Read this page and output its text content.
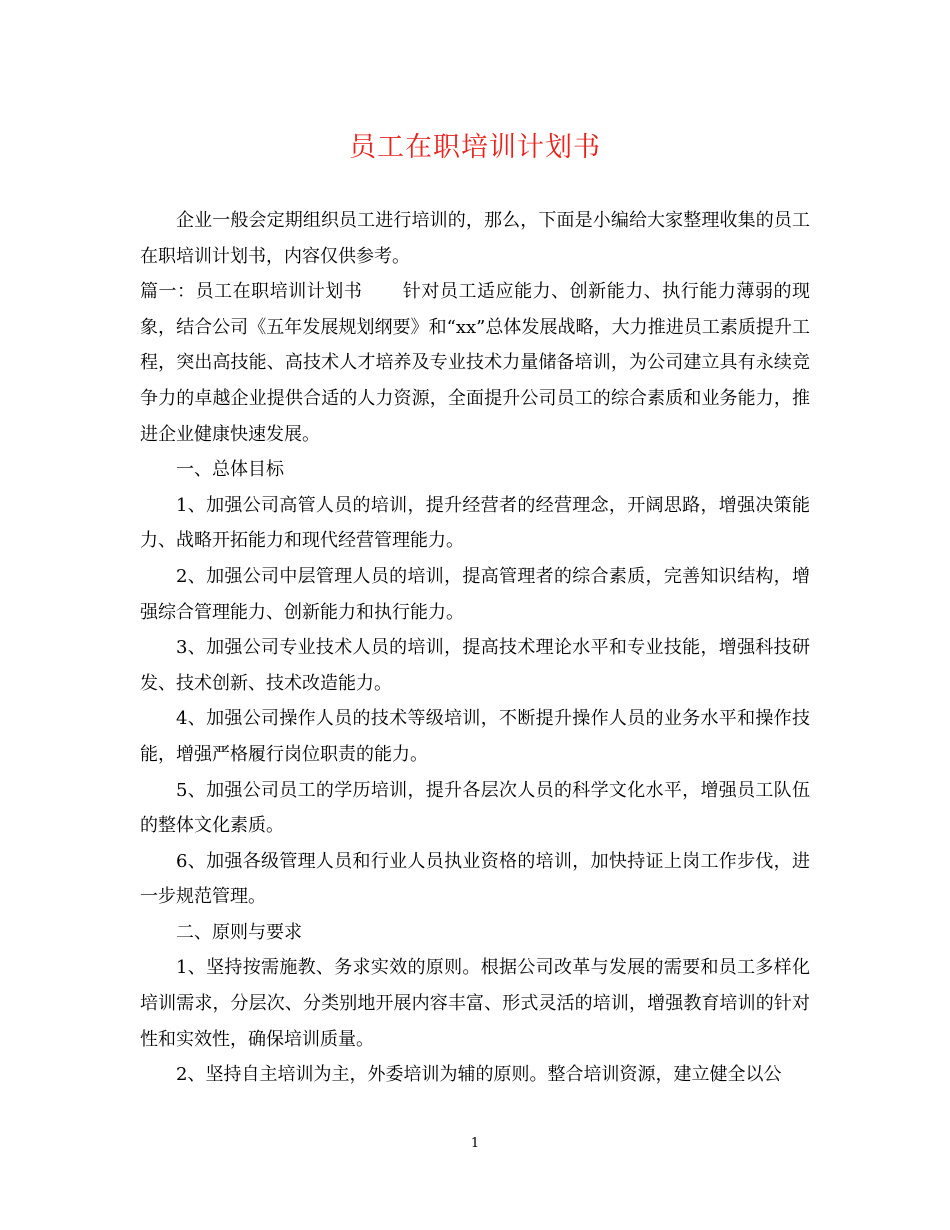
员工在职培训计划书

企业一般会定期组织员工进行培训的，那么，下面是小编给大家整理收集的员工在职培训计划书，内容仅供参考。

篇一：员工在职培训计划书 针对员工适应能力、创新能力、执行能力薄弱的现象，结合公司《五年发展规划纲要》和“xx”总体发展战略，大力推进员工素质提升工程，突出高技能、高技术人才培养及专业技术力量储备培训，为公司建立具有永续竞争力的卓越企业提供合适的人力资源，全面提升公司员工的综合素质和业务能力，推进企业健康快速发展。

一、总体目标

1、加强公司高管人员的培训，提升经营者的经营理念，开阔思路，增强决策能力、战略开拓能力和现代经营管理能力。

2、加强公司中层管理人员的培训，提高管理者的综合素质，完善知识结构，增强综合管理能力、创新能力和执行能力。

3、加强公司专业技术人员的培训，提高技术理论水平和专业技能，增强科技研发、技术创新、技术改造能力。

4、加强公司操作人员的技术等级培训，不断提升操作人员的业务水平和操作技能，增强严格履行岗位职责的能力。

5、加强公司员工的学历培训，提升各层次人员的科学文化水平，增强员工队伍的整体文化素质。

6、加强各级管理人员和行业人员执业资格的培训，加快持证上岗工作步伐，进一步规范管理。

二、原则与要求

1、坚持按需施教、务求实效的原则。根据公司改革与发展的需要和员工多样化培训需求，分层次、分类别地开展内容丰富、形式灵活的培训，增强教育培训的针对性和实效性，确保培训质量。

2、坚持自主培训为主，外委培训为辅的原则。整合培训资源，建立健全以公

1
